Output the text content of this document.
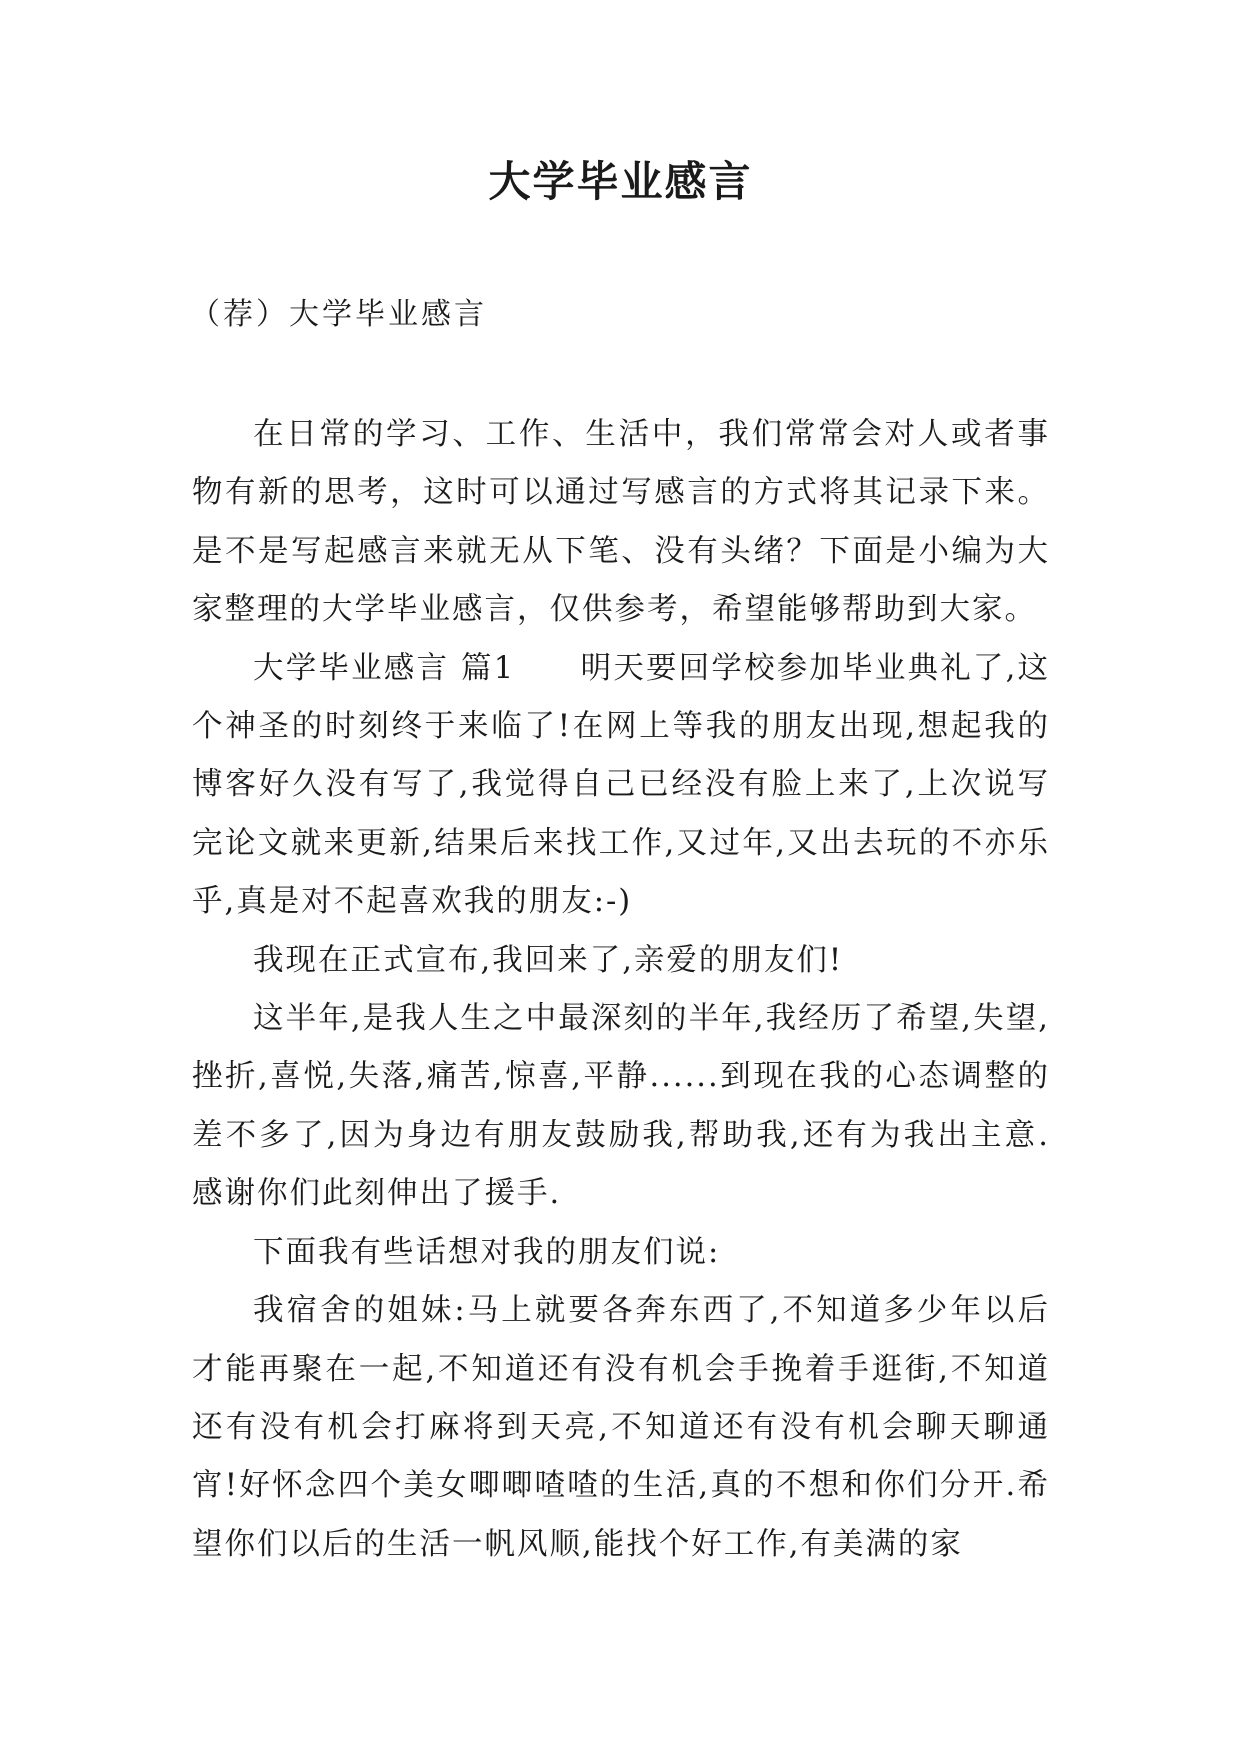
大学毕业感言
（荐）大学毕业感言

在日常的学习、工作、生活中，我们常常会对人或者事物有新的思考，这时可以通过写感言的方式将其记录下来。是不是写起感言来就无从下笔、没有头绪？下面是小编为大家整理的大学毕业感言，仅供参考，希望能够帮助到大家。

大学毕业感言 篇1　　明天要回学校参加毕业典礼了,这个神圣的时刻终于来临了!在网上等我的朋友出现,想起我的博客好久没有写了,我觉得自己已经没有脸上来了,上次说写完论文就来更新,结果后来找工作,又过年,又出去玩的不亦乐乎,真是对不起喜欢我的朋友:-)

我现在正式宣布,我回来了,亲爱的朋友们!

这半年,是我人生之中最深刻的半年,我经历了希望,失望,挫折,喜悦,失落,痛苦,惊喜,平静......到现在我的心态调整的差不多了,因为身边有朋友鼓励我,帮助我,还有为我出主意.感谢你们此刻伸出了援手.

下面我有些话想对我的朋友们说:

我宿舍的姐妹:马上就要各奔东西了,不知道多少年以后才能再聚在一起,不知道还有没有机会手挽着手逛街,不知道还有没有机会打麻将到天亮,不知道还有没有机会聊天聊通宵!好怀念四个美女唧唧喳喳的生活,真的不想和你们分开.希望你们以后的生活一帆风顺,能找个好工作,有美满的家
